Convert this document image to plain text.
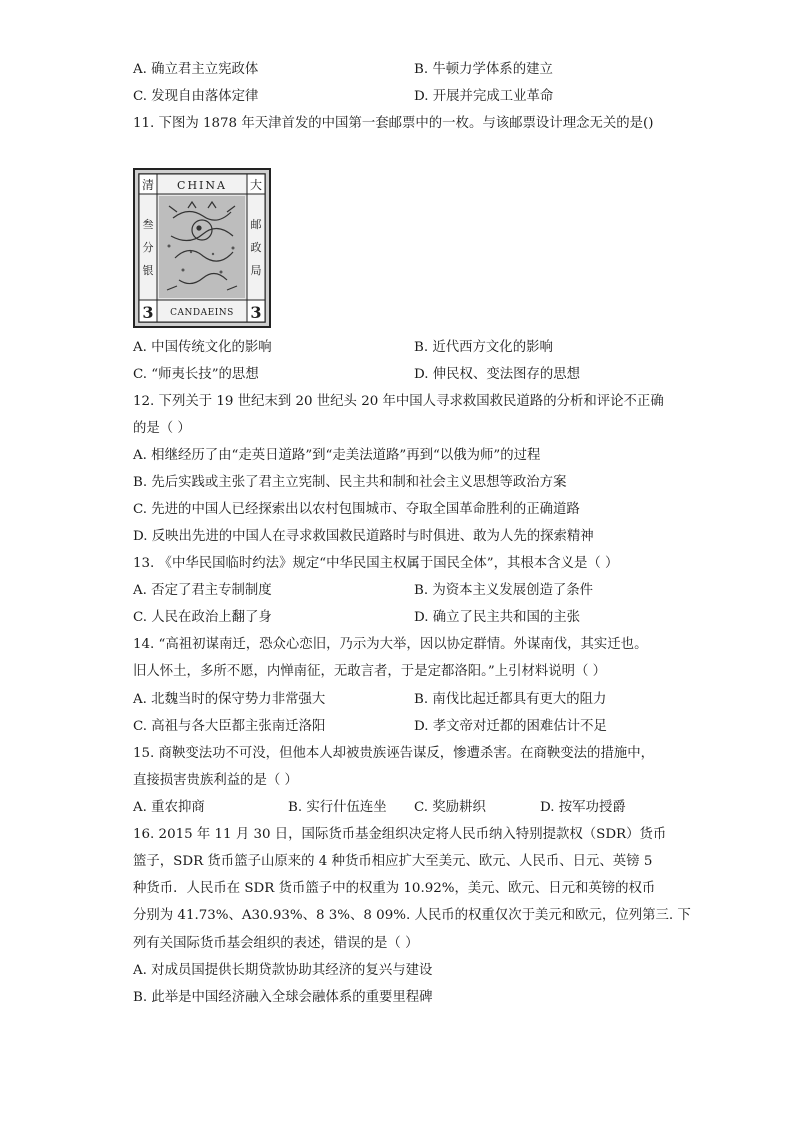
A. 确立君主立宪政体	B. 牛顿力学体系的建立
C. 发现自由落体定律	D. 开展并完成工业革命
11. 下图为 1878 年天津首发的中国第一套邮票中的一枚。与该邮票设计理念无关的是()
清	大
CHINA
叁
分
银
邮
政
局
3	3
CANDAEINS
A. 中国传统文化的影响	B. 近代西方文化的影响
C. “师夷长技”的思想	D. 伸民权、变法图存的思想
12. 下列关于 19 世纪末到 20 世纪头 20 年中国人寻求救国救民道路的分析和评论不正确
的是（ ）
A. 相继经历了由“走英日道路”到“走美法道路”再到“以俄为师”的过程
B. 先后实践或主张了君主立宪制、民主共和制和社会主义思想等政治方案
C. 先进的中国人已经探索出以农村包围城市、夺取全国革命胜利的正确道路
D. 反映出先进的中国人在寻求救国救民道路时与时俱进、敢为人先的探索精神
13. 《中华民国临时约法》规定“中华民国主权属于国民全体”，其根本含义是（ ）
A. 否定了君主专制制度	B. 为资本主义发展创造了条件
C. 人民在政治上翻了身	D. 确立了民主共和国的主张
14. “高祖初谋南迁，恐众心恋旧，乃示为大举，因以协定群情。外谋南伐，其实迁也。
旧人怀土，多所不愿，内惮南征，无敢言者，于是定都洛阳。”上引材料说明（ ）
A. 北魏当时的保守势力非常强大	B. 南伐比起迁都具有更大的阻力
C. 高祖与各大臣都主张南迁洛阳	D. 孝文帝对迁都的困难估计不足
15. 商鞅变法功不可没，但他本人却被贵族诬告谋反，惨遭杀害。在商鞅变法的措施中，
直接损害贵族利益的是（ ）
A. 重农抑商	B. 实行什伍连坐 C. 奖励耕织	D. 按军功授爵
16. 2015 年 11 月 30 日，国际货币基金组织决定将人民币纳入特别提款权（SDR）货币
篮子，SDR 货币篮子山原来的 4 种货币相应扩大至美元、欧元、人民币、日元、英镑 5
种货币．人民币在 SDR 货币篮子中的权重为 10.92%，美元、欧元、日元和英镑的权币
分别为 41.73%、A30.93%、8 3%、8 09%. 人民币的权重仅次于美元和欧元，位列第三. 下
列有关国际货币基会组织的表述，错误的是（ ）
A. 对成员国提供长期贷款协助其经济的复兴与建设
B. 此举是中国经济融入全球会融体系的重要里程碑
